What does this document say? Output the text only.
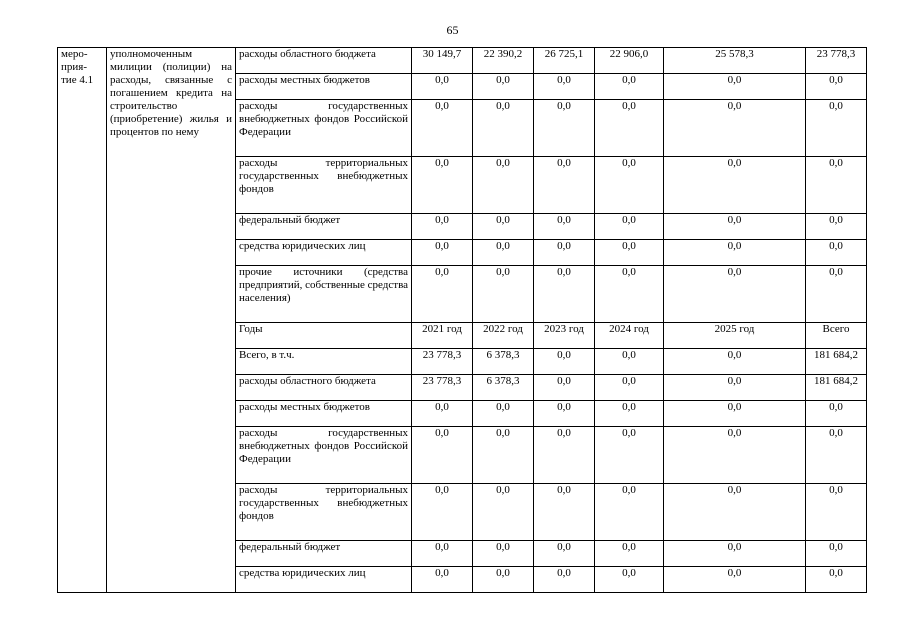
65
меро-
прия-
тие 4.1	уполномоченным милиции (полиции) на расходы, связанные с погашением кредита на строительство (приобретение) жилья и процентов по нему	расходы областного бюджета	30 149,7	22 390,2	26 725,1	22 906,0	25 578,3	23 778,3
		расходы местных бюджетов	0,0	0,0	0,0	0,0	0,0	0,0
		расходы государственных внебюджетных фондов Российской Федерации	0,0	0,0	0,0	0,0	0,0	0,0
		расходы территориальных государственных внебюджетных фондов	0,0	0,0	0,0	0,0	0,0	0,0
		федеральный бюджет	0,0	0,0	0,0	0,0	0,0	0,0
		средства юридических лиц	0,0	0,0	0,0	0,0	0,0	0,0
		прочие источники (средства предприятий, собственные средства населения)	0,0	0,0	0,0	0,0	0,0	0,0
		Годы	2021 год	2022 год	2023 год	2024 год	2025 год	Всего
		Всего, в т.ч.	23 778,3	6 378,3	0,0	0,0	0,0	181 684,2
		расходы областного бюджета	23 778,3	6 378,3	0,0	0,0	0,0	181 684,2
		расходы местных бюджетов	0,0	0,0	0,0	0,0	0,0	0,0
		расходы государственных внебюджетных фондов Российской Федерации	0,0	0,0	0,0	0,0	0,0	0,0
		расходы территориальных государственных внебюджетных фондов	0,0	0,0	0,0	0,0	0,0	0,0
		федеральный бюджет	0,0	0,0	0,0	0,0	0,0	0,0
		средства юридических лиц	0,0	0,0	0,0	0,0	0,0	0,0
